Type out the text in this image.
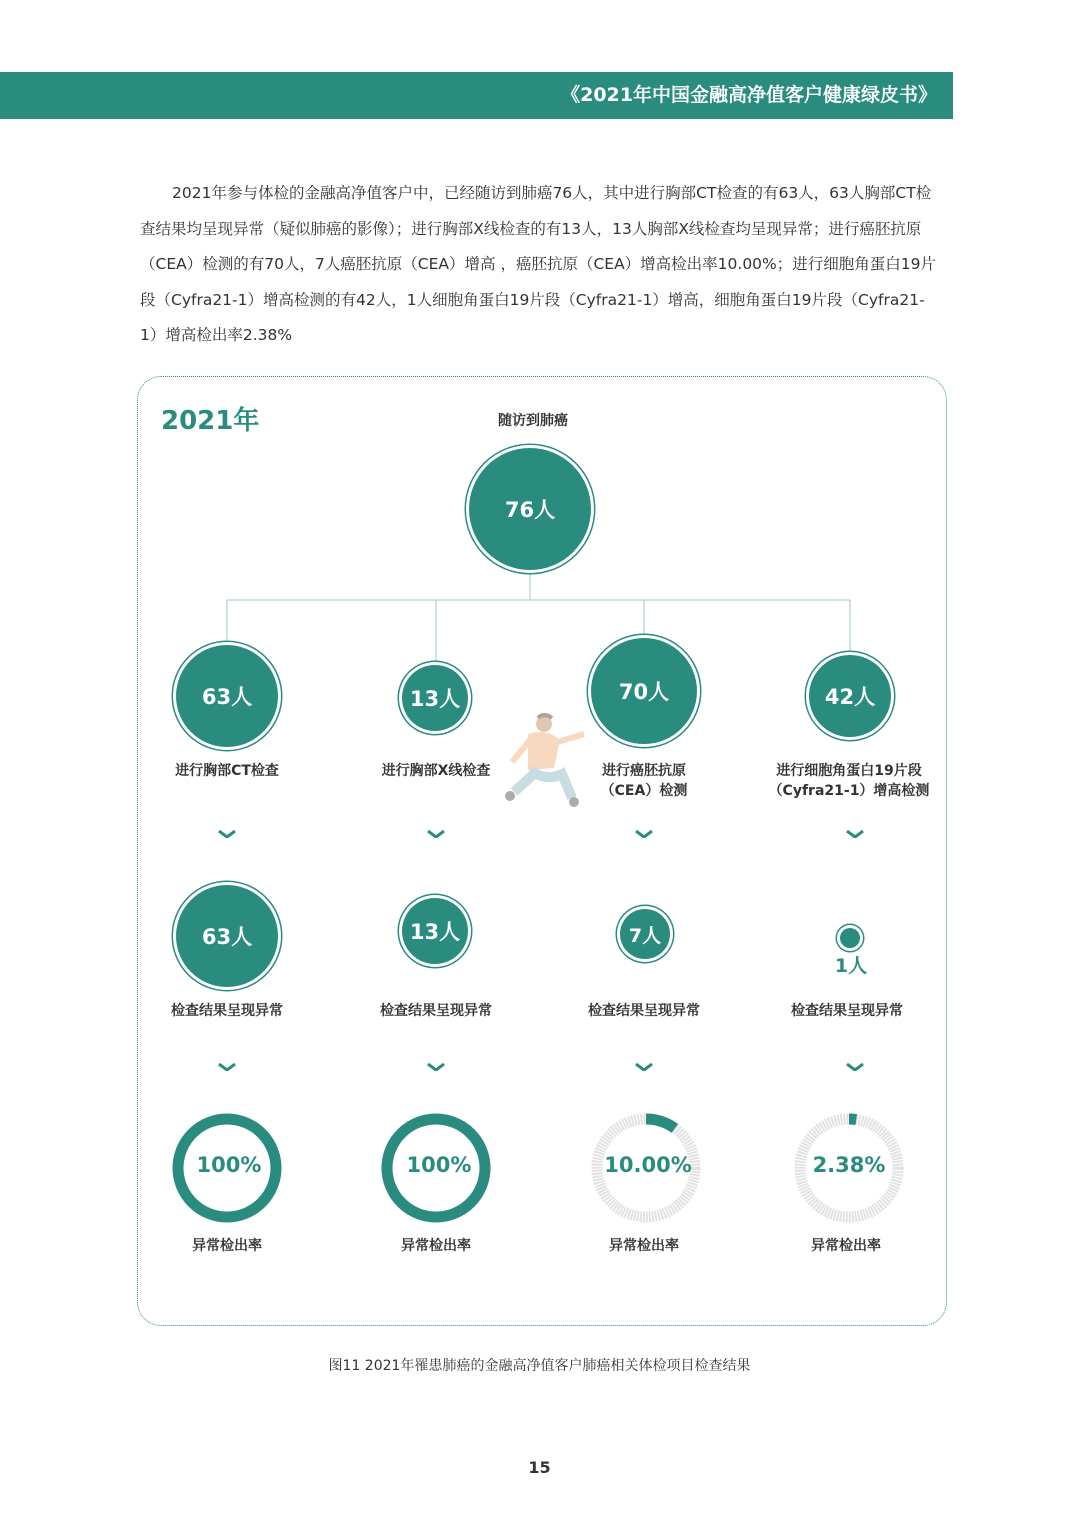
《2021年中国金融高净值客户健康绿皮书》

2021年参与体检的金融高净值客户中，已经随访到肺癌76人，其中进行胸部CT检查的有63人，63人胸部CT检查结果均呈现异常（疑似肺癌的影像）；进行胸部X线检查的有13人，13人胸部X线检查均呈现异常；进行癌胚抗原（CEA）检测的有70人，7人癌胚抗原（CEA）增高 ，癌胚抗原（CEA）增高检出率10.00%；进行细胞角蛋白19片段（Cyfra21-1）增高检测的有42人，1人细胞角蛋白19片段（Cyfra21-1）增高，细胞角蛋白19片段（Cyfra21-1）增高检出率2.38%

2021年	随访到肺癌
76人
63人
进行胸部CT检查
63人
检查结果呈现异常
13人
进行胸部X线检查
13人
检查结果呈现异常
70人
进行癌胚抗原
（CEA）检测
7人
检查结果呈现异常
42人
进行细胞角蛋白19片段
（Cyfra21-1）增高检测
1人
检查结果呈现异常
100%
异常检出率
100%
异常检出率
10.00%
异常检出率
2.38%
异常检出率
图11 2021年罹患肺癌的金融高净值客户肺癌相关体检项目检查结果
15
